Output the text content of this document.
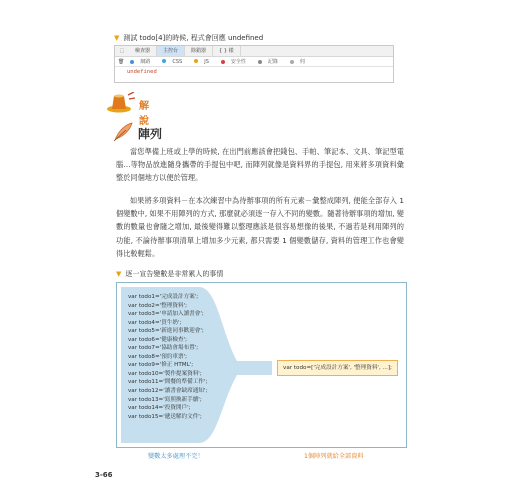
▼ 測試 todo[4]的時候, 程式會回應 undefined
⬚	檢查器	主控台	除錯器	{ } 樣
🗑	網路	CSS	JS	安全性	記錄	伺
undefined
解說
陣列

當您準備上班或上學的時候, 在出門前應該會把錢包、手帕、筆記本、文具、筆記型電腦…等物品放進隨身攜帶的手提包中吧, 而陣列就像是資料界的手提包, 用來將多項資料彙整於同個地方以便於管理。

如果將多項資料－在本次練習中為待辦事項的所有元素－彙整成陣列, 便能全部存入 1 個變數中, 如果不用陣列的方式, 那麼就必須逐一存入不同的變數。隨著待辦事項的增加, 變數的數量也會隨之增加, 最後變得難以整理應該是很容易想像的後果, 不過若是利用陣列的功能, 不論待辦事項清單上增加多少元素, 都只需要 1 個變數儲存, 資料的管理工作也會變得比較輕鬆。

▼ 逐一宣告變數是非常累人的事情
var todo1='完成設計方案';
var todo2='整理資料';
var todo3='申請加入讀書會';
var todo4='買牛奶';
var todo5='新進同事歡迎會';
var todo6='健康檢查';
var todo7='協助會場布置';
var todo8='預約車票';
var todo9='修正 HTML';
var todo10='製作提案資料';
var todo11='開餐的準備工作';
var todo12='讀書會缺席通知';
var todo13='寫照換新手續';
var todo14='投資開戶';
var todo15='遞送解約文件';
var todo=['完成設計方案', '整理資料', ...];
變數太多處理不完！	1個陣列就給全部資料
3-66
